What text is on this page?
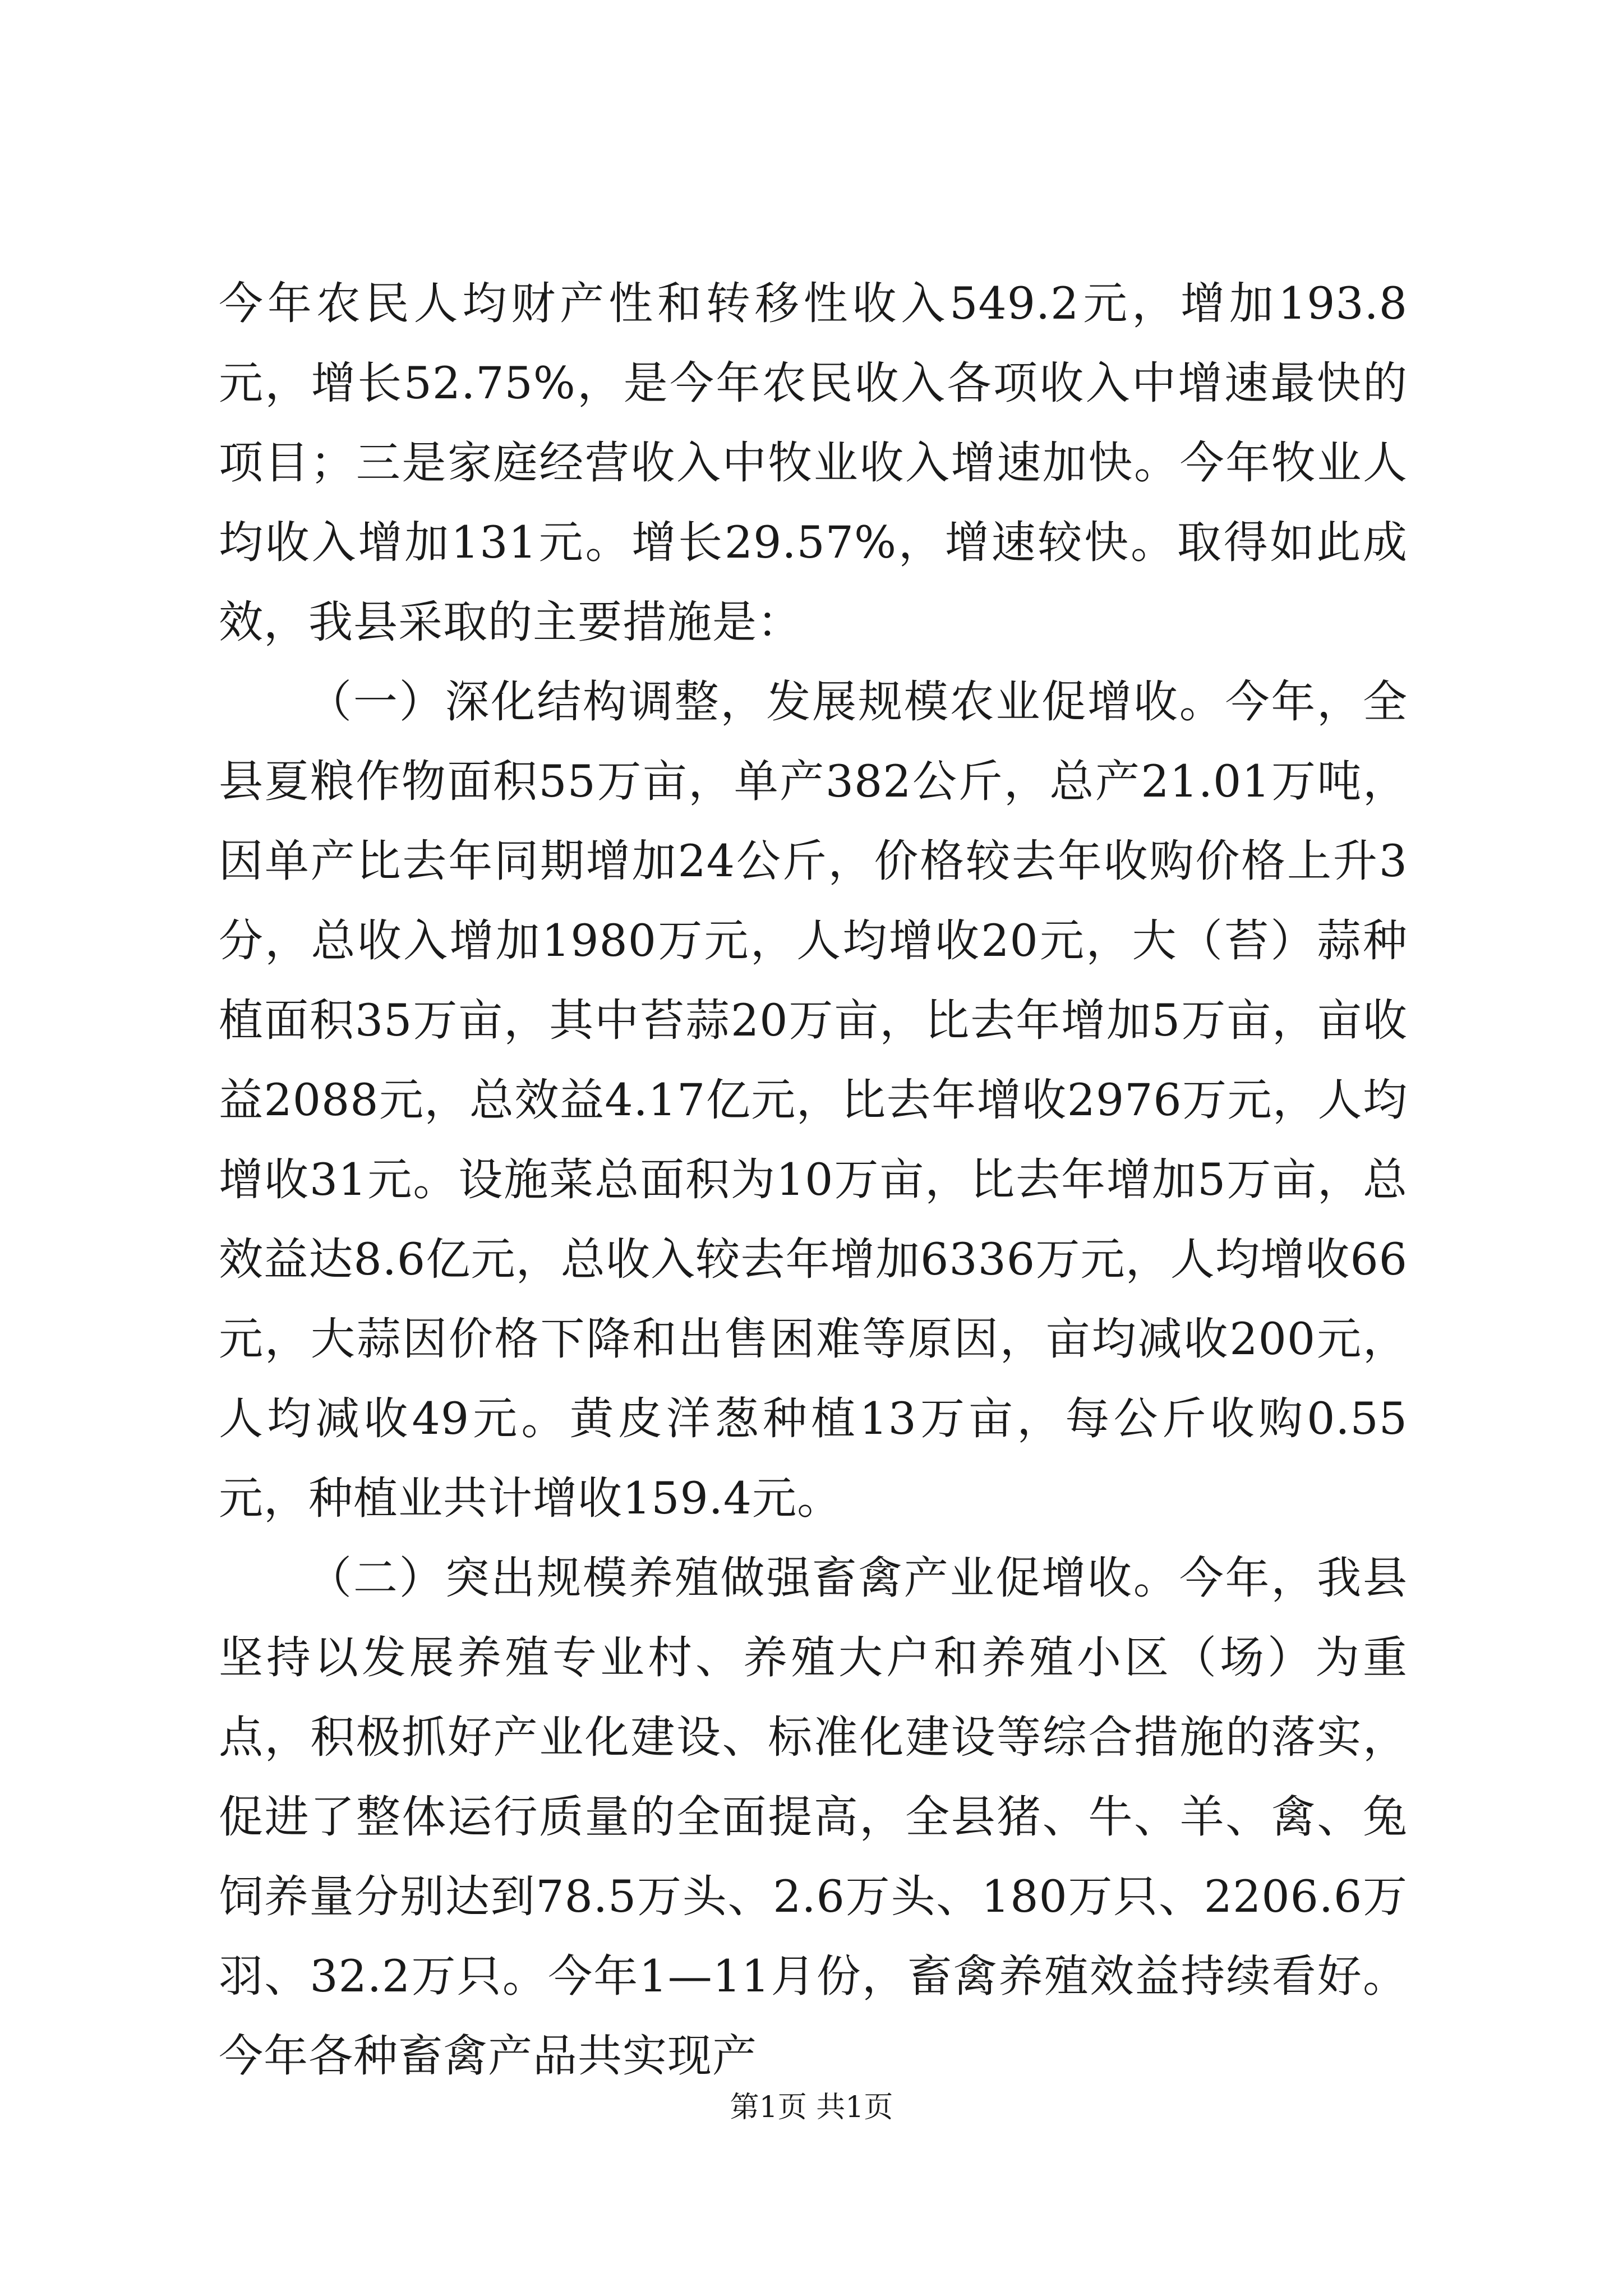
今年农民人均财产性和转移性收入549.2元，增加193.8元，增长52.75%，是今年农民收入各项收入中增速最快的项目；三是家庭经营收入中牧业收入增速加快。今年牧业人均收入增加131元。增长29.57%，增速较快。取得如此成效，我县采取的主要措施是：

（一）深化结构调整，发展规模农业促增收。今年，全县夏粮作物面积55万亩，单产382公斤，总产21.01万吨，因单产比去年同期增加24公斤，价格较去年收购价格上升3分，总收入增加1980万元，人均增收20元，大（苔）蒜种植面积35万亩，其中苔蒜20万亩，比去年增加5万亩，亩收益2088元，总效益4.17亿元，比去年增收2976万元，人均增收31元。设施菜总面积为10万亩，比去年增加5万亩，总效益达8.6亿元，总收入较去年增加6336万元，人均增收66元，大蒜因价格下降和出售困难等原因，亩均减收200元，人均减收49元。黄皮洋葱种植13万亩，每公斤收购0.55元，种植业共计增收159.4元。

（二）突出规模养殖做强畜禽产业促增收。今年，我县坚持以发展养殖专业村、养殖大户和养殖小区（场）为重点，积极抓好产业化建设、标准化建设等综合措施的落实，促进了整体运行质量的全面提高，全县猪、牛、羊、禽、兔饲养量分别达到78.5万头、2.6万头、180万只、2206.6万羽、32.2万只。今年1—11月份，畜禽养殖效益持续看好。今年各种畜禽产品共实现产

第1页 共1页
